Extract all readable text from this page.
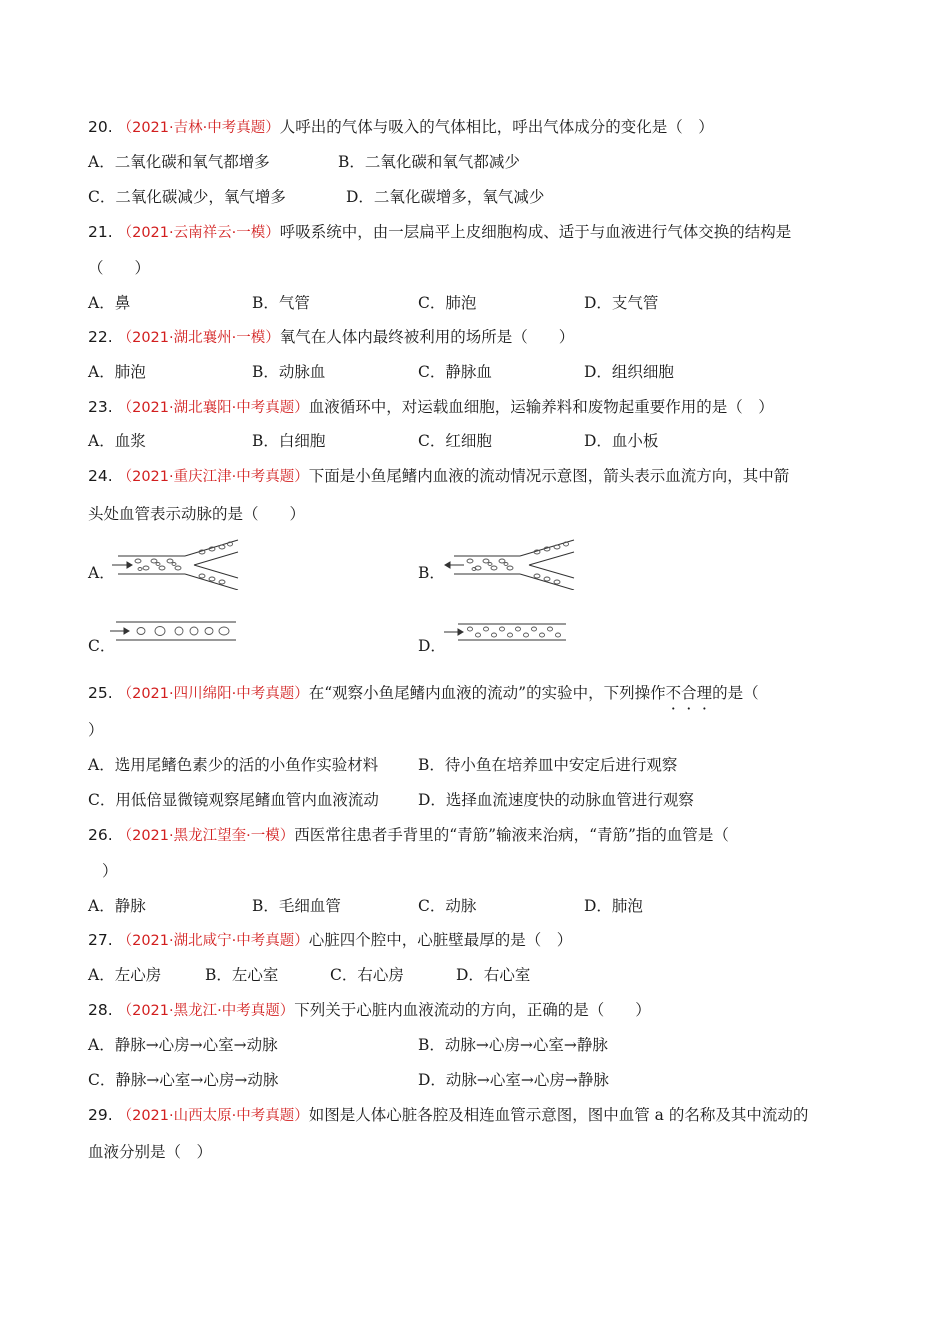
20. （2021·吉林·中考真题）人呼出的气体与吸入的气体相比，呼出气体成分的变化是（　）
A．二氧化碳和氧气都增多	B．二氧化碳和氧气都减少
C．二氧化碳减少，氧气增多	D．二氧化碳增多，氧气减少
21. （2021·云南祥云·一模）呼吸系统中，由一层扁平上皮细胞构成、适于与血液进行气体交换的结构是
（　　）
A．鼻	B．气管	C．肺泡	D．支气管
22. （2021·湖北襄州·一模）氧气在人体内最终被利用的场所是（　　）
A．肺泡	B．动脉血	C．静脉血	D．组织细胞
23. （2021·湖北襄阳·中考真题）血液循环中，对运载血细胞，运输养料和废物起重要作用的是（　）
A．血浆	B．白细胞	C．红细胞	D．血小板
24. （2021·重庆江津·中考真题）下面是小鱼尾鳍内血液的流动情况示意图，箭头表示血流方向，其中箭
头处血管表示动脉的是（　　）
A．	B．
C．	D．
25. （2021·四川绵阳·中考真题）在“观察小鱼尾鳍内血液的流动”的实验中，下列操作不合理的是（
）
A．选用尾鳍色素少的活的小鱼作实验材料	B．待小鱼在培养皿中安定后进行观察
C．用低倍显微镜观察尾鳍血管内血液流动	D．选择血流速度快的动脉血管进行观察
26. （2021·黑龙江望奎·一模）西医常往患者手背里的“青筋”输液来治病，“青筋”指的血管是（
）
A．静脉	B．毛细血管	C．动脉	D．肺泡
27. （2021·湖北咸宁·中考真题）心脏四个腔中，心脏壁最厚的是（　）
A．左心房	B．左心室	C．右心房	D．右心室
28. （2021·黑龙江·中考真题）下列关于心脏内血液流动的方向，正确的是（　　）
A．静脉→心房→心室→动脉	B．动脉→心房→心室→静脉
C．静脉→心室→心房→动脉	D．动脉→心室→心房→静脉
29. （2021·山西太原·中考真题）如图是人体心脏各腔及相连血管示意图，图中血管 a 的名称及其中流动的
血液分别是（　）
